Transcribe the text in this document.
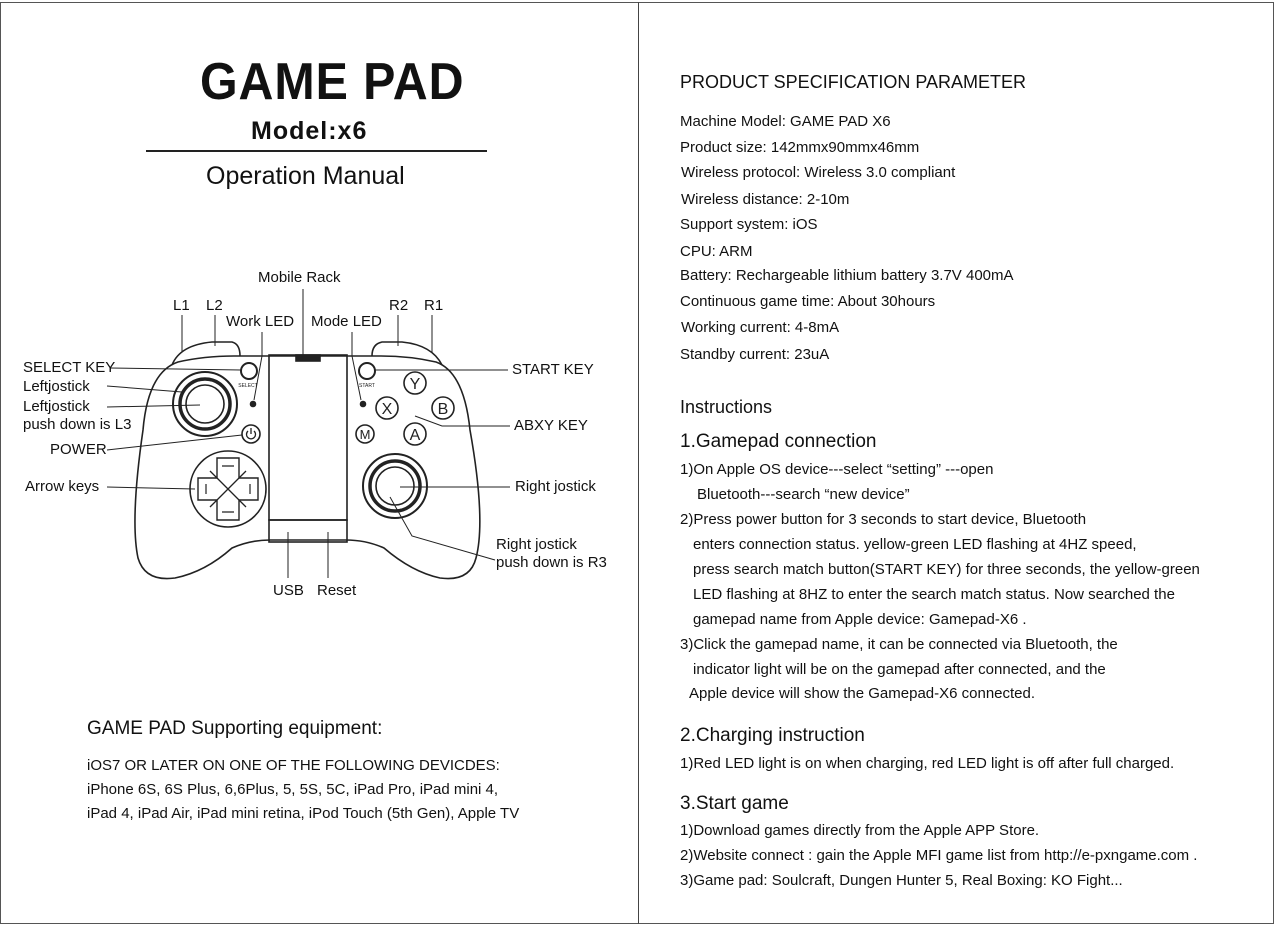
GAME PAD
Model:x6
Operation Manual
Y
X	B
A
M
SELECT	START
Mobile Rack
L1 L2	R2 R1
Work LED Mode LED
SELECT KEY
Leftjostick
Leftjostick
push down is L3
POWER
Arrow keys
START KEY
ABXY KEY
Right jostick
Right jostick
push down is R3
USB Reset
GAME PAD Supporting equipment:
iOS7 OR LATER ON ONE OF THE FOLLOWING DEVICDES:
iPhone 6S, 6S Plus, 6,6Plus, 5, 5S, 5C, iPad Pro, iPad mini 4,
iPad 4, iPad Air, iPad mini retina, iPod Touch (5th Gen), Apple TV
PRODUCT SPECIFICATION PARAMETER
Machine Model: GAME PAD X6
Product size: 142mmx90mmx46mm
Wireless protocol: Wireless 3.0 compliant
Wireless distance: 2-10m
Support system: iOS
CPU: ARM
Battery: Rechargeable lithium battery 3.7V 400mA
Continuous game time: About 30hours
Working current: 4-8mA
Standby current: 23uA
Instructions
1.Gamepad connection
1)On Apple OS device---select “setting” ---open
Bluetooth---search “new device”
2)Press power button for 3 seconds to start device, Bluetooth
enters connection status. yellow-green LED flashing at 4HZ speed,
press search match button(START KEY) for three seconds, the yellow-green
LED flashing at 8HZ to enter the search match status. Now searched the
gamepad name from Apple device: Gamepad-X6 .
3)Click the gamepad name, it can be connected via Bluetooth, the
indicator light will be on the gamepad after connected, and the
Apple device will show the Gamepad-X6 connected.
2.Charging instruction
1)Red LED light is on when charging, red LED light is off after full charged.
3.Start game
1)Download games directly from the Apple APP Store.
2)Website connect : gain the Apple MFI game list from http://e-pxngame.com .
3)Game pad: Soulcraft, Dungen Hunter 5, Real Boxing: KO Fight...
